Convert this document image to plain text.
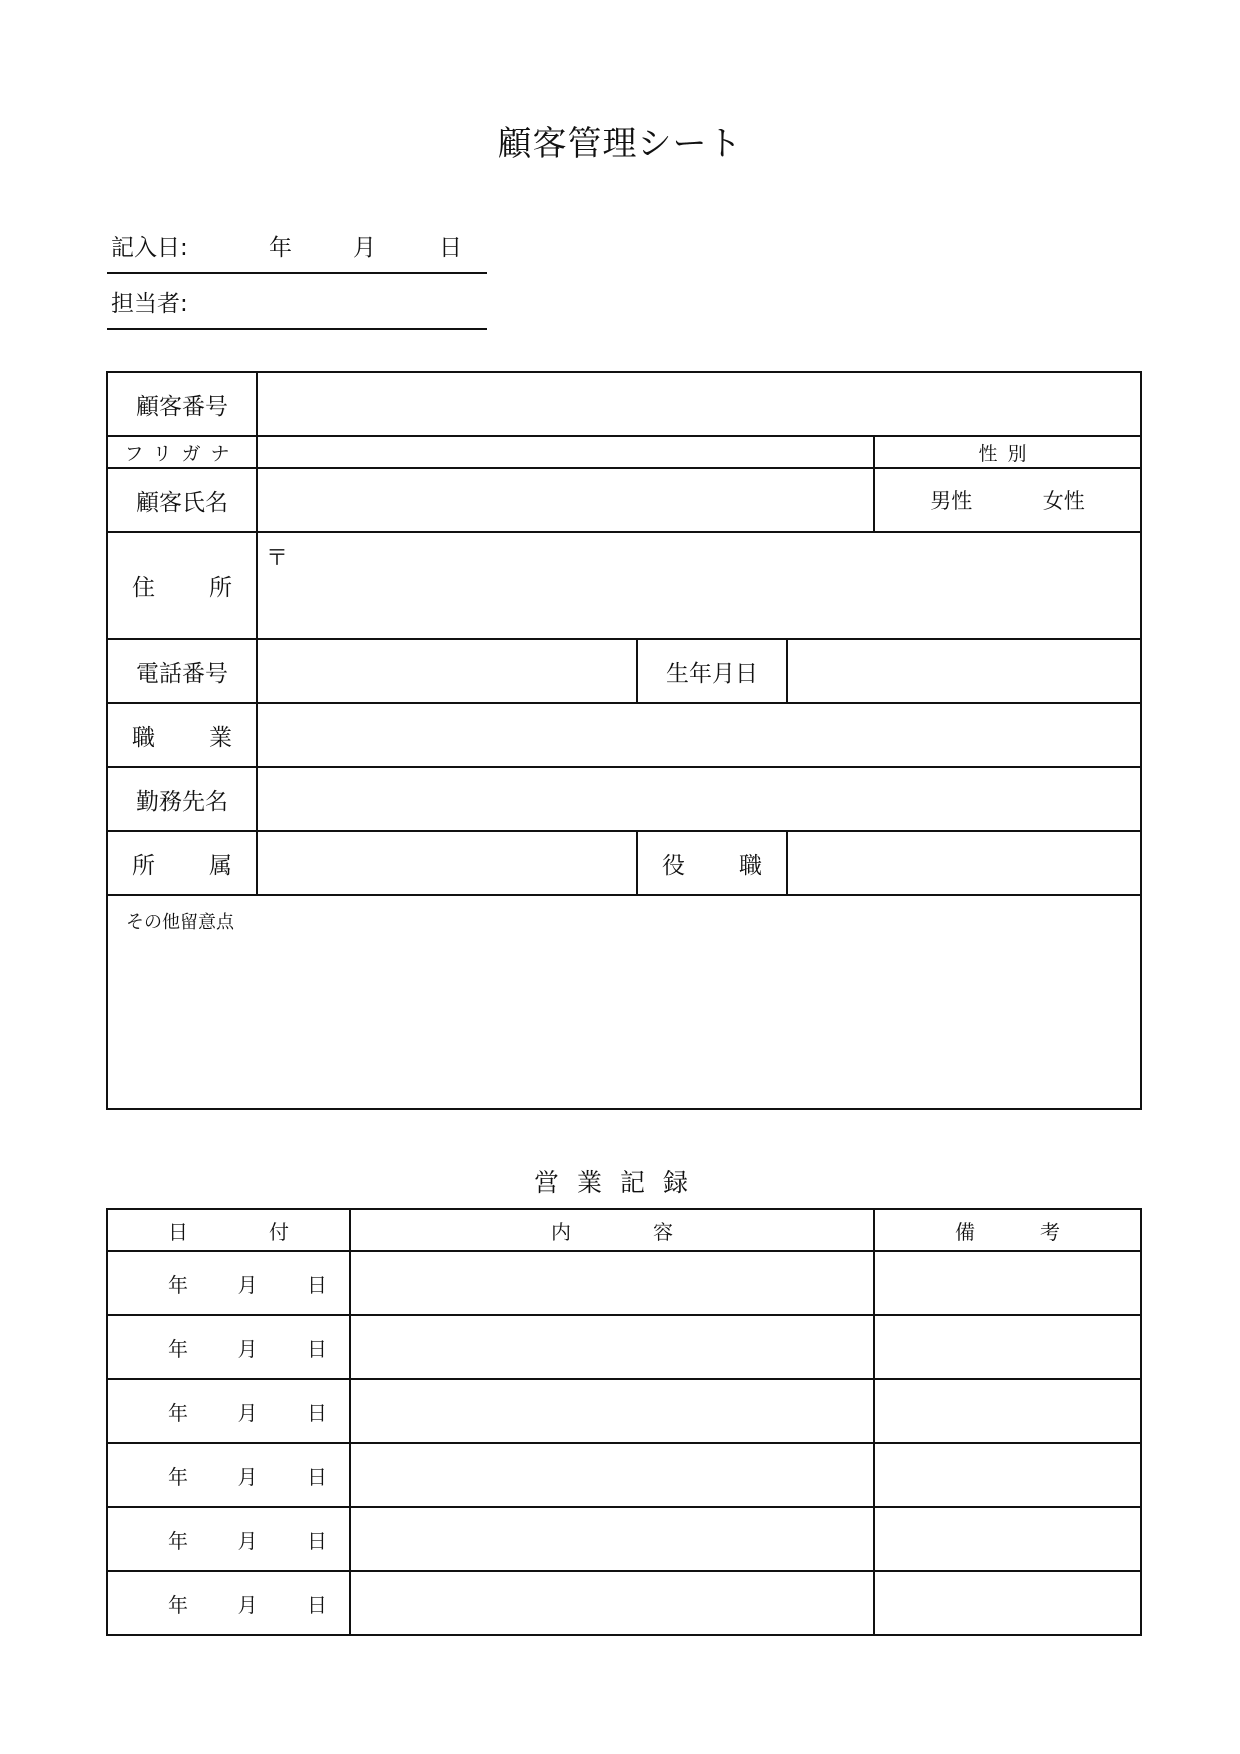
顧客管理シート
記入日:	年	月	日
担当者:
顧客番号				
フリガナ				性別
顧客氏名				男性 女性

住 所	〒			
電話番号		生年月日		

職 業				

勤務先名				

所 属		役 職		

その他留意点				
営業記録
日 付	内 容	備 考

年 月 日		

年 月 日		

年 月 日		

年 月 日		

年 月 日		

年 月 日		
